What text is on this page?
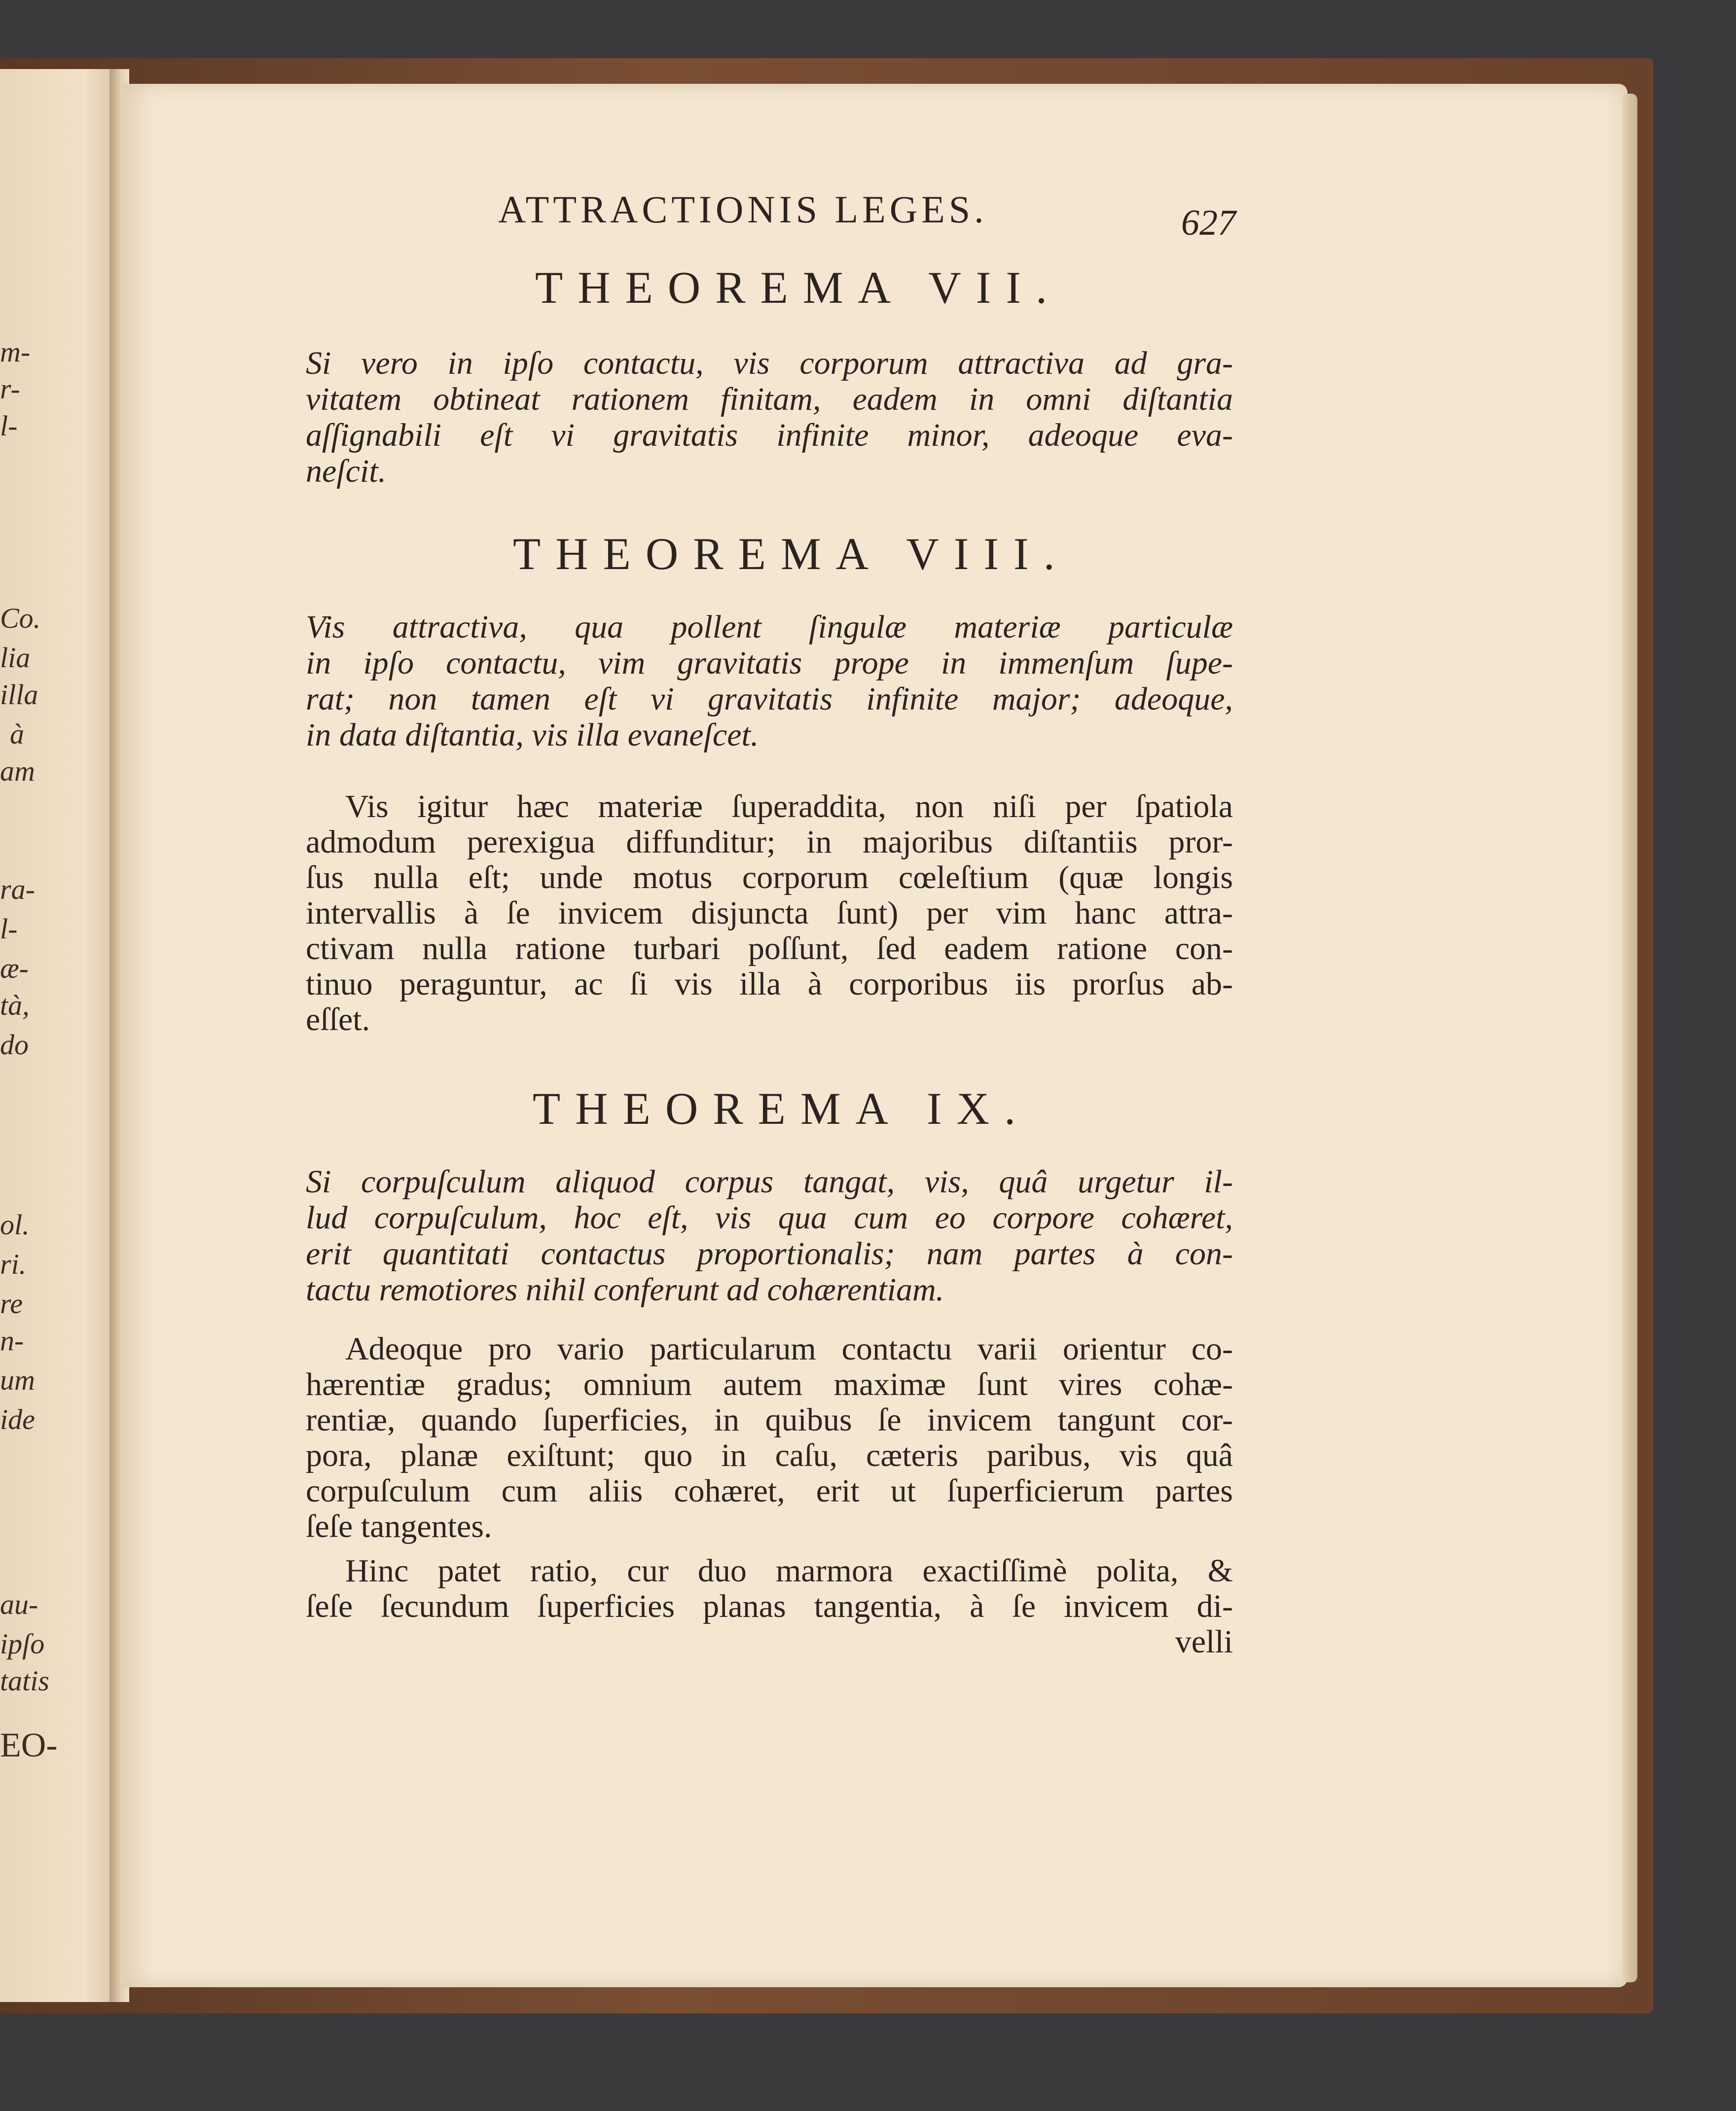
m-
r-
l-
Co.
lia
illa
à
am
ra-
l-
æ-
tà,
do
ol.
ri.
re
n-
um
ide
au-
ipſo
tatis
EO-
ATTRACTIONIS LEGES.	627
THEOREMA VII.
Si vero in ipſo contactu, vis corporum attractiva ad gra-
vitatem obtineat rationem finitam, eadem in omni diſtantia
aſſignabili eſt vi gravitatis infinite minor, adeoque eva-
neſcit.
THEOREMA VIII.
Vis attractiva, qua pollent ſingulæ materiæ particulæ
in ipſo contactu, vim gravitatis prope in immenſum ſupe-
rat; non tamen eſt vi gravitatis infinite major; adeoque,
in data diſtantia, vis illa evaneſcet.
Vis igitur hæc materiæ ſuperaddita, non niſi per ſpatiola
admodum perexigua diffunditur; in majoribus diſtantiis pror-
ſus nulla eſt; unde motus corporum cœleſtium (quæ longis
intervallis à ſe invicem disjuncta ſunt) per vim hanc attra-
ctivam nulla ratione turbari poſſunt, ſed eadem ratione con-
tinuo peraguntur, ac ſi vis illa à corporibus iis prorſus ab-
eſſet.
THEOREMA IX.
Si corpuſculum aliquod corpus tangat, vis, quâ urgetur il-
lud corpuſculum, hoc eſt, vis qua cum eo corpore cohæret,
erit quantitati contactus proportionalis; nam partes à con-
tactu remotiores nihil conferunt ad cohærentiam.
Adeoque pro vario particularum contactu varii orientur co-
hærentiæ gradus; omnium autem maximæ ſunt vires cohæ-
rentiæ, quando ſuperficies, in quibus ſe invicem tangunt cor-
pora, planæ exiſtunt; quo in caſu, cæteris paribus, vis quâ
corpuſculum cum aliis cohæret, erit ut ſuperficierum partes
ſeſe tangentes.
Hinc patet ratio, cur duo marmora exactiſſimè polita, &
ſeſe ſecundum ſuperficies planas tangentia, à ſe invicem di-
velli
